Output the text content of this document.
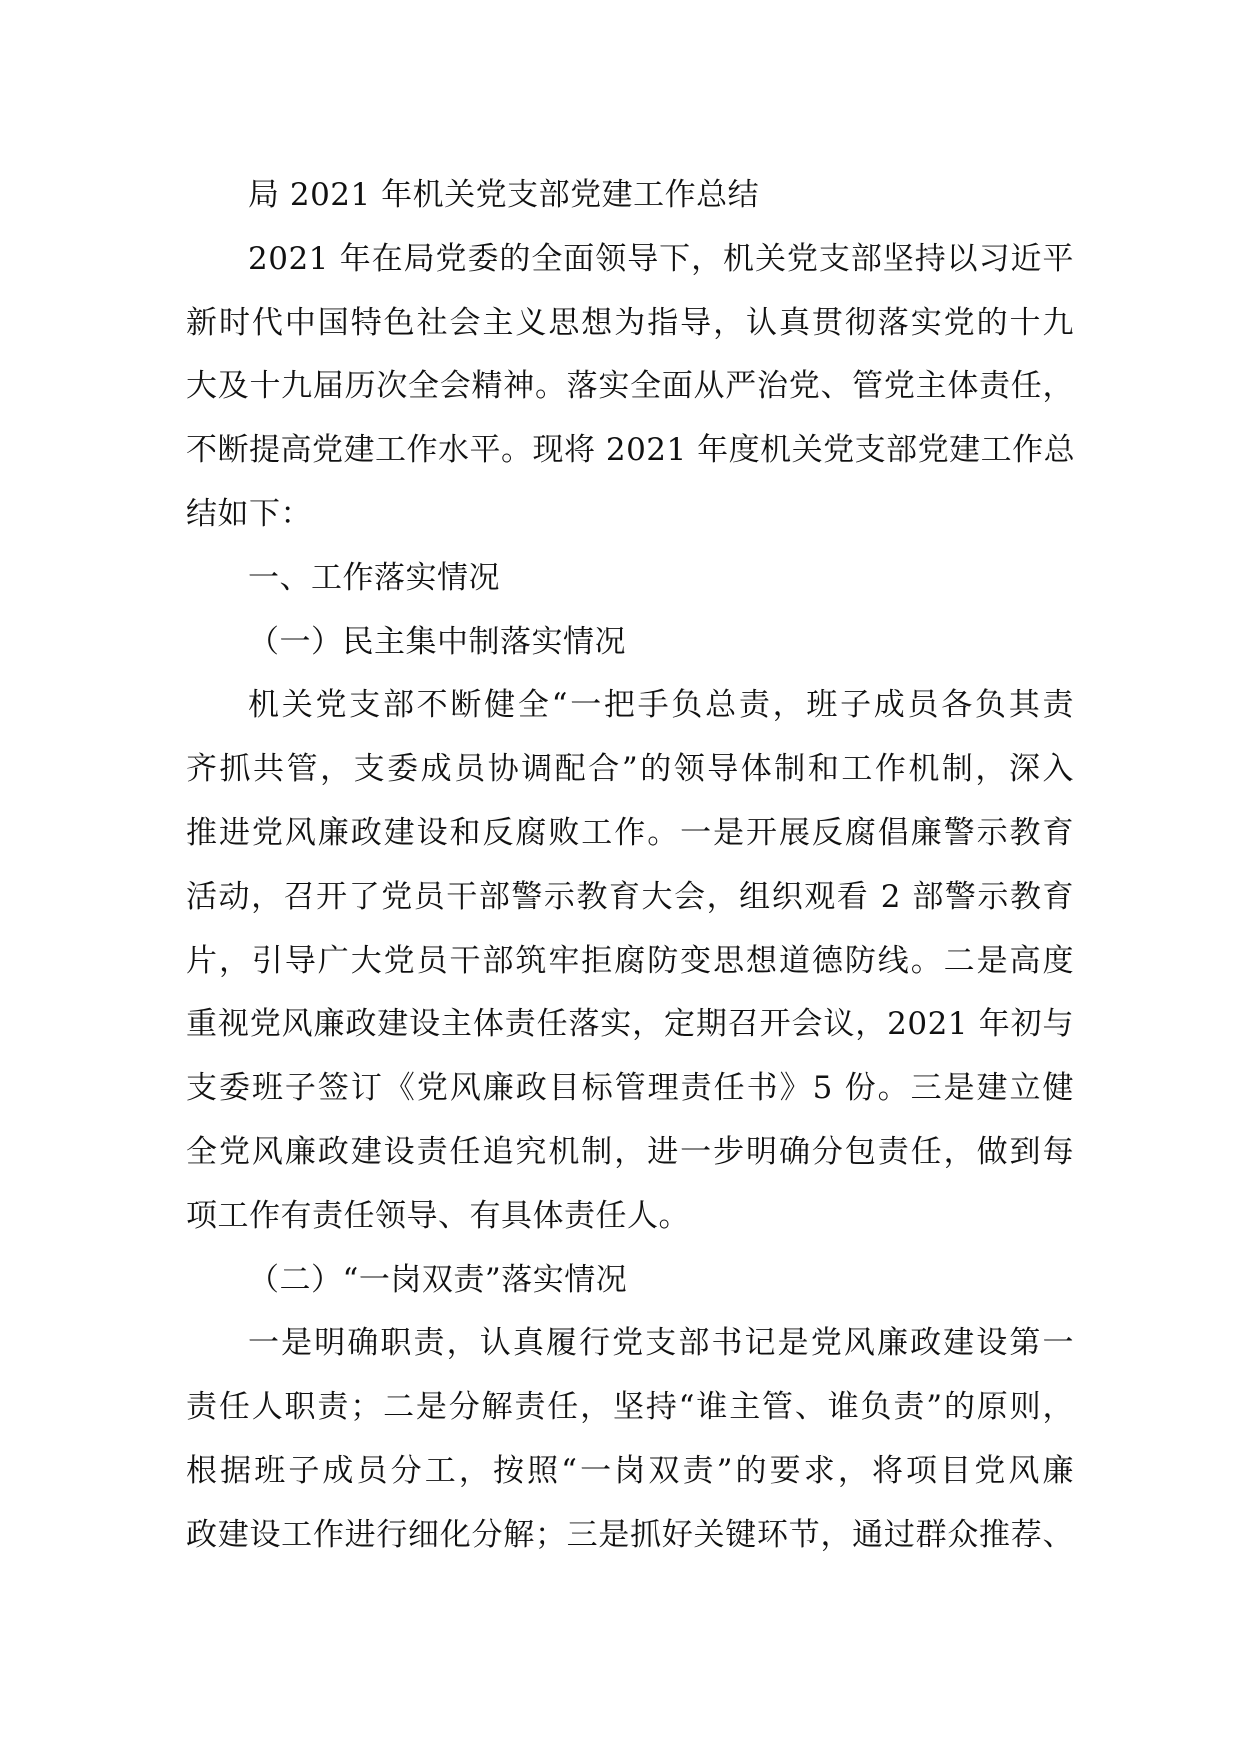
局 2021 年机关党支部党建工作总结
2021 年在局党委的全面领导下，机关党支部坚持以习近平
新时代中国特色社会主义思想为指导，认真贯彻落实党的十九
大及十九届历次全会精神。落实全面从严治党、管党主体责任，
不断提高党建工作水平。现将 2021 年度机关党支部党建工作总
结如下：
一、工作落实情况
（一）民主集中制落实情况
机关党支部不断健全“一把手负总责，班子成员各负其责
齐抓共管，支委成员协调配合”的领导体制和工作机制，深入
推进党风廉政建设和反腐败工作。一是开展反腐倡廉警示教育
活动，召开了党员干部警示教育大会，组织观看 2 部警示教育
片，引导广大党员干部筑牢拒腐防变思想道德防线。二是高度
重视党风廉政建设主体责任落实，定期召开会议，2021 年初与
支委班子签订《党风廉政目标管理责任书》5 份。三是建立健
全党风廉政建设责任追究机制，进一步明确分包责任，做到每
项工作有责任领导、有具体责任人。
（二）“一岗双责”落实情况
一是明确职责，认真履行党支部书记是党风廉政建设第一
责任人职责；二是分解责任，坚持“谁主管、谁负责”的原则，
根据班子成员分工，按照“一岗双责”的要求，将项目党风廉
政建设工作进行细化分解；三是抓好关键环节，通过群众推荐、
